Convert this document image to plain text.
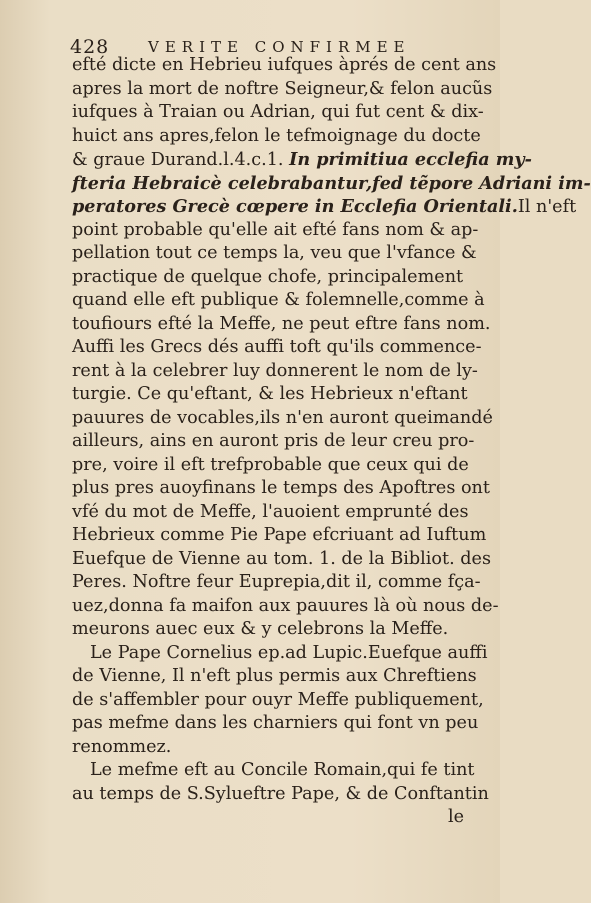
428	VERITE CONFIRMEE
efté dicte en Hebrieu iufques àprés de cent ans
apres la mort de noftre Seigneur,& felon aucũs
iufques à Traian ou Adrian, qui fut cent & dix-
huict ans apres,felon le tefmoignage du docte
& graue Durand.l.4.c.1. In primitiua ecclefia my-
fteria Hebraicè celebrabantur,fed tẽpore Adriani im-
peratores Grecè cœpere in Ecclefia Orientali.Il n'eft
point probable qu'elle ait efté fans nom & ap-
pellation tout ce temps la, veu que l'vfance &
practique de quelque chofe, principalement
quand elle eft publique & folemnelle,comme à
toufiours efté la Meffe, ne peut eftre fans nom.
Auffi les Grecs dés auffi toft qu'ils commence-
rent à la celebrer luy donnerent le nom de ly-
turgie. Ce qu'eftant, & les Hebrieux n'eftant
pauures de vocables,ils n'en auront queimandé
ailleurs, ains en auront pris de leur creu pro-
pre, voire il eft trefprobable que ceux qui de
plus pres auoyfinans le temps des Apoftres ont
vfé du mot de Meffe, l'auoient emprunté des
Hebrieux comme Pie Pape efcriuant ad Iuftum
Euefque de Vienne au tom. 1. de la Bibliot. des
Peres. Noftre feur Euprepia,dit il, comme fça-
uez,donna fa maifon aux pauures là où nous de-
meurons auec eux & y celebrons la Meffe.
Le Pape Cornelius ep.ad Lupic.Euefque auffi
de Vienne, Il n'eft plus permis aux Chreftiens
de s'affembler pour ouyr Meffe publiquement,
pas mefme dans les charniers qui font vn peu
renommez.
Le mefme eft au Concile Romain,qui fe tint
au temps de S.Sylueftre Pape, & de Conftantin
le
